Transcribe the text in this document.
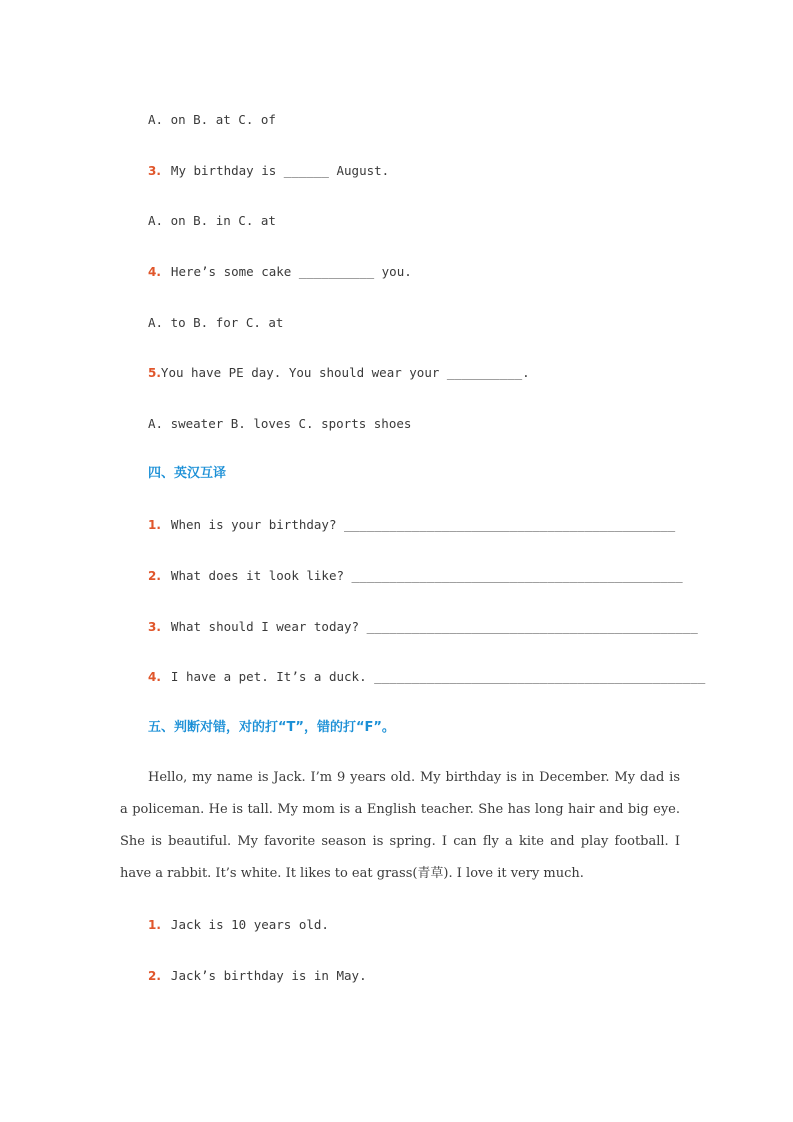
A. on B. at C. of
3. My birthday is ______ August.
A. on B. in C. at
4. Here’s some cake __________ you.
A. to B. for C. at
5.You have PE day. You should wear your __________.
A. sweater B. loves C. sports shoes
四、英汉互译
1. When is your birthday? ____________________________________________
2. What does it look like? ____________________________________________
3. What should I wear today? ____________________________________________
4. I have a pet. It’s a duck. ____________________________________________
五、判断对错，对的打“T”，错的打“F”。
Hello, my name is Jack. I’m 9 years old. My birthday is in December. My dad is a policeman. He is tall. My mom is a English teacher. She has long hair and big eye. She is beautiful. My favorite season is spring. I can fly a kite and play football. I have a rabbit. It’s white. It likes to eat grass(青草). I love it very much.
1. Jack is 10 years old.
2. Jack’s birthday is in May.
